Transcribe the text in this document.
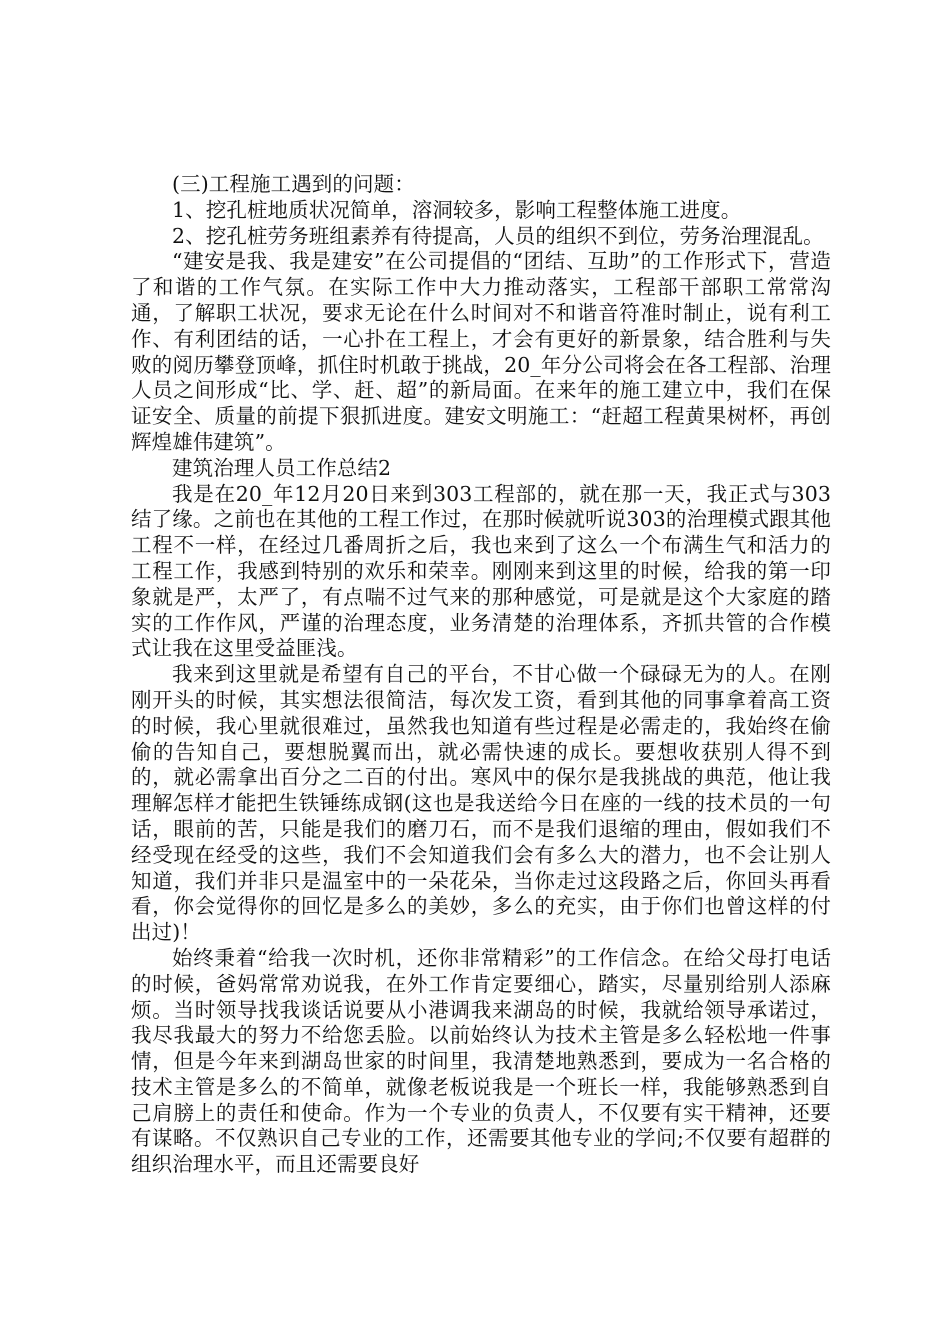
(三)工程施工遇到的问题：

1、挖孔桩地质状况简单，溶洞较多，影响工程整体施工进度。

2、挖孔桩劳务班组素养有待提高，人员的组织不到位，劳务治理混乱。

“建安是我、我是建安”在公司提倡的“团结、互助”的工作形式下，营造了和谐的工作气氛。在实际工作中大力推动落实，工程部干部职工常常沟通，了解职工状况，要求无论在什么时间对不和谐音符准时制止，说有利工作、有利团结的话，一心扑在工程上，才会有更好的新景象，结合胜利与失败的阅历攀登顶峰，抓住时机敢于挑战，20_年分公司将会在各工程部、治理人员之间形成“比、学、赶、超”的新局面。在来年的施工建立中，我们在保证安全、质量的前提下狠抓进度。建安文明施工：“赶超工程黄果树杯，再创辉煌雄伟建筑”。

建筑治理人员工作总结2

我是在20_年12月20日来到303工程部的，就在那一天，我正式与303结了缘。之前也在其他的工程工作过，在那时候就听说303的治理模式跟其他工程不一样，在经过几番周折之后，我也来到了这么一个布满生气和活力的工程工作，我感到特别的欢乐和荣幸。刚刚来到这里的时候，给我的第一印象就是严，太严了，有点喘不过气来的那种感觉，可是就是这个大家庭的踏实的工作作风，严谨的治理态度，业务清楚的治理体系，齐抓共管的合作模式让我在这里受益匪浅。

我来到这里就是希望有自己的平台，不甘心做一个碌碌无为的人。在刚刚开头的时候，其实想法很简洁，每次发工资，看到其他的同事拿着高工资的时候，我心里就很难过，虽然我也知道有些过程是必需走的，我始终在偷偷的告知自己，要想脱翼而出，就必需快速的成长。要想收获别人得不到的，就必需拿出百分之二百的付出。寒风中的保尔是我挑战的典范，他让我理解怎样才能把生铁锤练成钢(这也是我送给今日在座的一线的技术员的一句话，眼前的苦，只能是我们的磨刀石，而不是我们退缩的理由，假如我们不经受现在经受的这些，我们不会知道我们会有多么大的潜力，也不会让别人知道，我们并非只是温室中的一朵花朵，当你走过这段路之后，你回头再看看，你会觉得你的回忆是多么的美妙，多么的充实，由于你们也曾这样的付出过)！

始终秉着“给我一次时机，还你非常精彩”的工作信念。在给父母打电话的时候，爸妈常常劝说我，在外工作肯定要细心，踏实，尽量别给别人添麻烦。当时领导找我谈话说要从小港调我来湖岛的时候，我就给领导承诺过，我尽我最大的努力不给您丢脸。以前始终认为技术主管是多么轻松地一件事情，但是今年来到湖岛世家的时间里，我清楚地熟悉到，要成为一名合格的技术主管是多么的不简单，就像老板说我是一个班长一样，我能够熟悉到自己肩膀上的责任和使命。作为一个专业的负责人，不仅要有实干精神，还要有谋略。不仅熟识自己专业的工作，还需要其他专业的学问;不仅要有超群的组织治理水平，而且还需要良好
